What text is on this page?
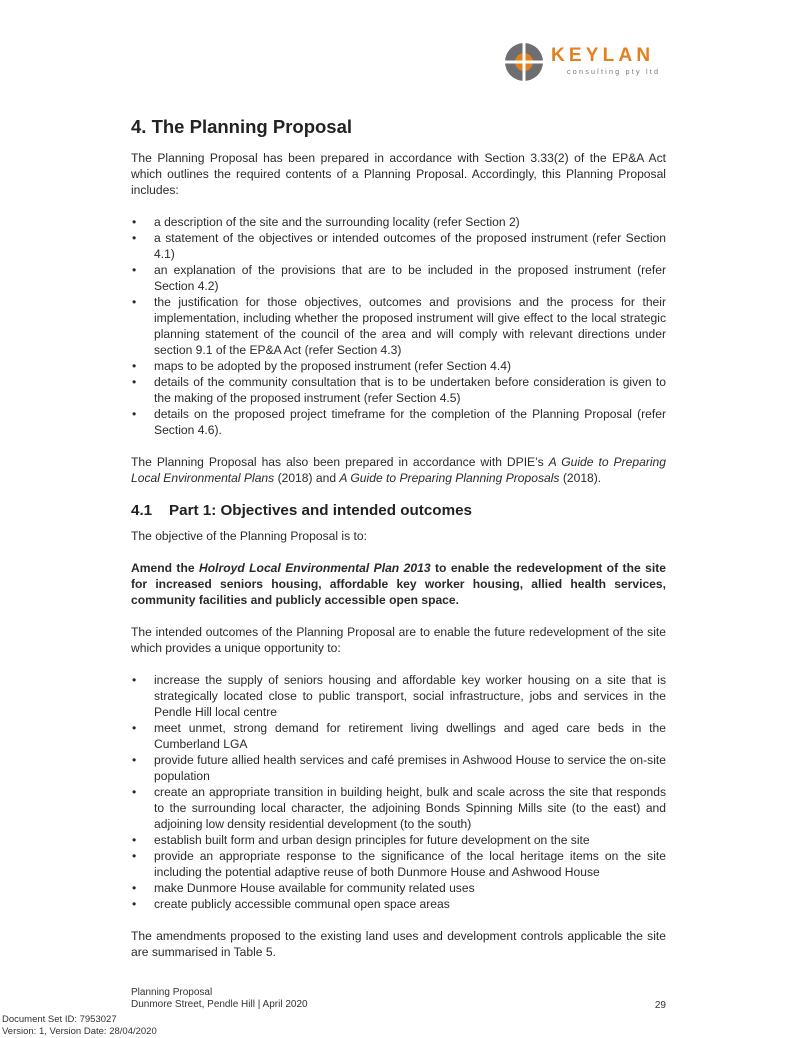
KEYLAN
consulting pty ltd
4. The Planning Proposal

The Planning Proposal has been prepared in accordance with Section 3.33(2) of the EP&A Act which outlines the required contents of a Planning Proposal. Accordingly, this Planning Proposal includes:

• a description of the site and the surrounding locality (refer Section 2)
• a statement of the objectives or intended outcomes of the proposed instrument (refer Section 4.1)
• an explanation of the provisions that are to be included in the proposed instrument (refer Section 4.2)
• the justification for those objectives, outcomes and provisions and the process for their implementation, including whether the proposed instrument will give effect to the local strategic planning statement of the council of the area and will comply with relevant directions under section 9.1 of the EP&A Act (refer Section 4.3)
• maps to be adopted by the proposed instrument (refer Section 4.4)
• details of the community consultation that is to be undertaken before consideration is given to the making of the proposed instrument (refer Section 4.5)
• details on the proposed project timeframe for the completion of the Planning Proposal (refer Section 4.6).

The Planning Proposal has also been prepared in accordance with DPIE’s A Guide to Preparing Local Environmental Plans (2018) and A Guide to Preparing Planning Proposals (2018).

4.1 Part 1: Objectives and intended outcomes

The objective of the Planning Proposal is to:

Amend the Holroyd Local Environmental Plan 2013 to enable the redevelopment of the site for increased seniors housing, affordable key worker housing, allied health services, community facilities and publicly accessible open space.

The intended outcomes of the Planning Proposal are to enable the future redevelopment of the site which provides a unique opportunity to:

• increase the supply of seniors housing and affordable key worker housing on a site that is strategically located close to public transport, social infrastructure, jobs and services in the Pendle Hill local centre
• meet unmet, strong demand for retirement living dwellings and aged care beds in the Cumberland LGA
• provide future allied health services and café premises in Ashwood House to service the on-site population
• create an appropriate transition in building height, bulk and scale across the site that responds to the surrounding local character, the adjoining Bonds Spinning Mills site (to the east) and adjoining low density residential development (to the south)
• establish built form and urban design principles for future development on the site
• provide an appropriate response to the significance of the local heritage items on the site including the potential adaptive reuse of both Dunmore House and Ashwood House
• make Dunmore House available for community related uses
• create publicly accessible communal open space areas

The amendments proposed to the existing land uses and development controls applicable the site are summarised in Table 5.

Planning Proposal
Dunmore Street, Pendle Hill | April 2020	29
Document Set ID: 7953027
Version: 1, Version Date: 28/04/2020
